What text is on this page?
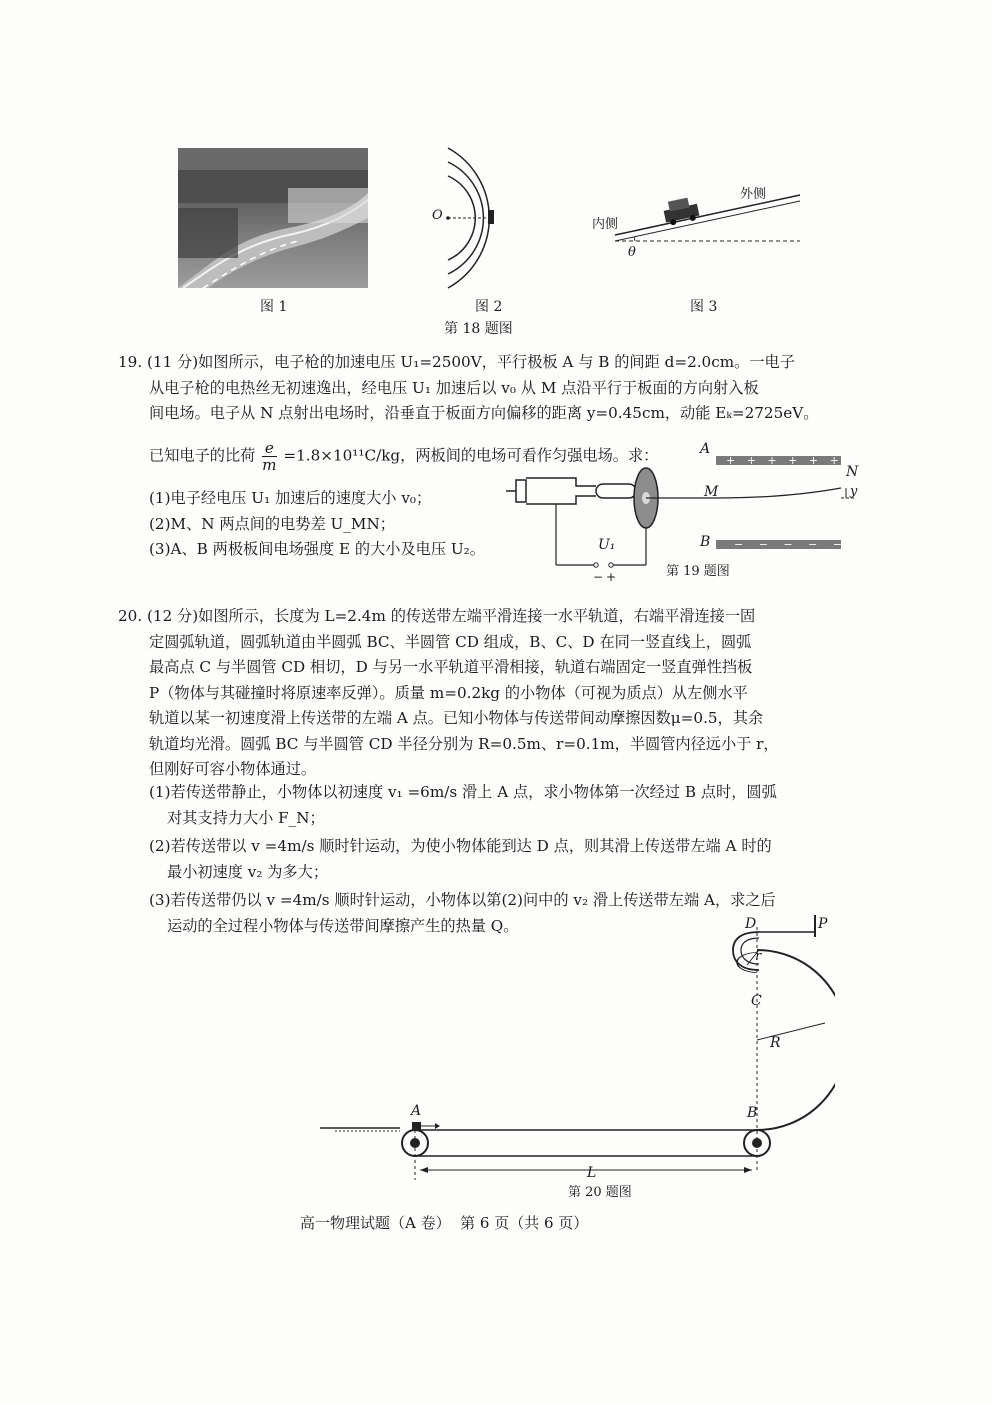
O
外侧
内侧
θ
图 1	图 2	图 3
第 18 题图

19. (11 分)如图所示，电子枪的加速电压 U₁=2500V，平行极板 A 与 B 的间距 d=2.0cm。一电子

从电子枪的电热丝无初速逸出，经电压 U₁ 加速后以 v₀ 从 M 点沿平行于板面的方向射入板

间电场。电子从 N 点射出电场时，沿垂直于板面方向偏移的距离 y=0.45cm，动能 Eₖ=2725eV。

已知电子的比荷 $\frac{e}{m} =1.8\times 10^{11}C/kg$，两板间的电场可看作匀强电场。求：

(1)电子经电压 U₁ 加速后的速度大小 v₀；

(2)M、N 两点间的电势差 U_MN；

(3)A、B 两极板间电场强度 E 的大小及电压 U₂。

A
+ + + + + + +
B − − − − − −
M
N
y
U₁
− +	第 19 题图

20. (12 分)如图所示，长度为 L=2.4m 的传送带左端平滑连接一水平轨道，右端平滑连接一固

定圆弧轨道，圆弧轨道由半圆弧 BC、半圆管 CD 组成，B、C、D 在同一竖直线上，圆弧

最高点 C 与半圆管 CD 相切，D 与另一水平轨道平滑相接，轨道右端固定一竖直弹性挡板

P（物体与其碰撞时将原速率反弹）。质量 m=0.2kg 的小物体（可视为质点）从左侧水平

轨道以某一初速度滑上传送带的左端 A 点。已知小物体与传送带间动摩擦因数μ=0.5，其余

轨道均光滑。圆弧 BC 与半圆管 CD 半径分别为 R=0.5m、r=0.1m，半圆管内径远小于 r，

但刚好可容小物体通过。

(1)若传送带静止，小物体以初速度 v₁ =6m/s 滑上 A 点，求小物体第一次经过 B 点时，圆弧

对其支持力大小 F_N；

(2)若传送带以 v =4m/s 顺时针运动，为使小物体能到达 D 点，则其滑上传送带左端 A 时的

最小初速度 v₂ 为多大；

(3)若传送带仍以 v =4m/s 顺时针运动，小物体以第(2)问中的 v₂ 滑上传送带左端 A，求之后

运动的全过程小物体与传送带间摩擦产生的热量 Q。

A	B
C
D	P
R
r
L
第 20 题图
高一物理试题（A 卷）  第 6 页（共 6 页）
